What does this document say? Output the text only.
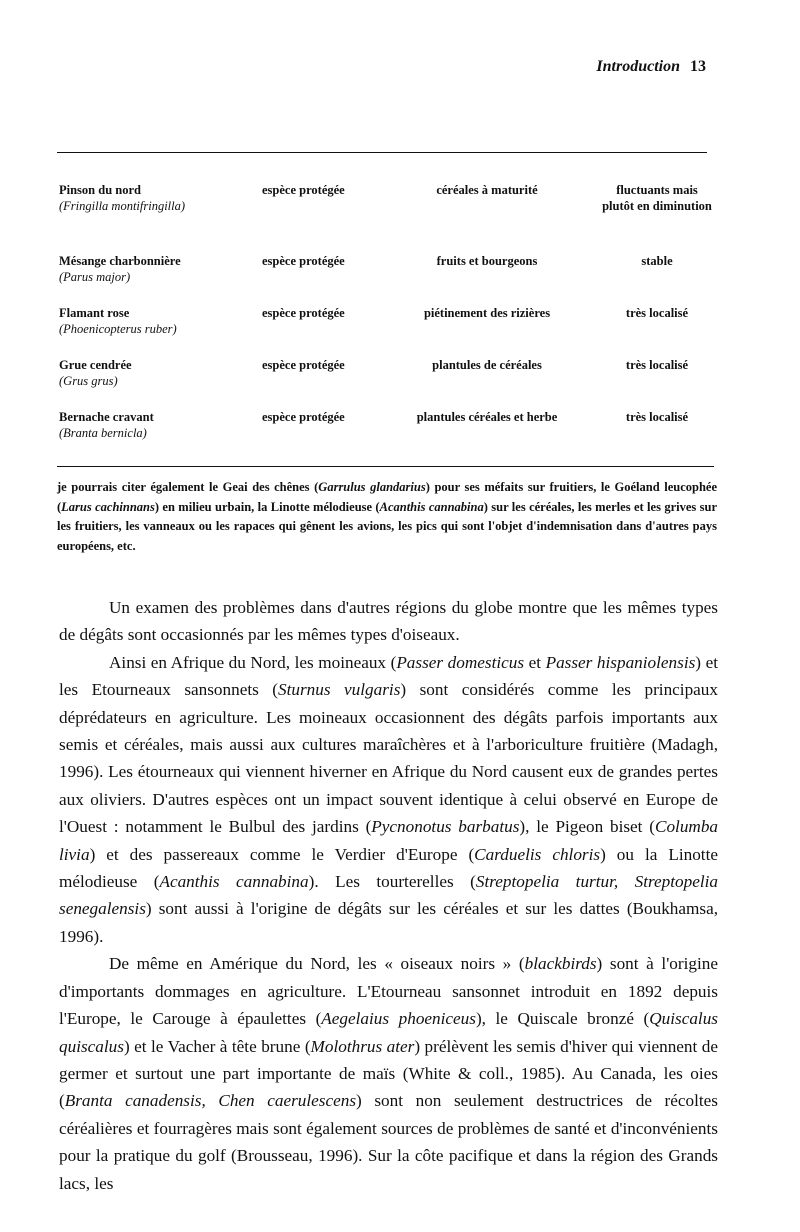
Introduction 13
Pinson du nord
(Fringilla montifringilla)
espèce protégée	céréales à maturité	fluctuants mais
plutôt en diminution
Mésange charbonnière
(Parus major)
espèce protégée	fruits et bourgeons	stable
Flamant rose
(Phoenicopterus ruber)
espèce protégée	piétinement des rizières	très localisé
Grue cendrée
(Grus grus)
espèce protégée	plantules de céréales	très localisé
Bernache cravant
(Branta bernicla)
espèce protégée	plantules céréales et herbe	très localisé
je pourrais citer également le Geai des chênes (Garrulus glandarius) pour ses méfaits sur fruitiers, le Goéland leucophée (Larus cachinnans) en milieu urbain, la Linotte mélodieuse (Acanthis cannabina) sur les céréales, les merles et les grives sur les fruitiers, les vanneaux ou les rapaces qui gênent les avions, les pics qui sont l'objet d'indemnisation dans d'autres pays européens, etc.

Un examen des problèmes dans d'autres régions du globe montre que les mêmes types de dégâts sont occasionnés par les mêmes types d'oiseaux.

Ainsi en Afrique du Nord, les moineaux (Passer domesticus et Passer hispaniolensis) et les Etourneaux sansonnets (Sturnus vulgaris) sont considérés comme les principaux déprédateurs en agriculture. Les moineaux occasionnent des dégâts parfois importants aux semis et céréales, mais aussi aux cultures maraîchères et à l'arboriculture fruitière (Madagh, 1996). Les étourneaux qui viennent hiverner en Afrique du Nord causent eux de grandes pertes aux oliviers. D'autres espèces ont un impact souvent identique à celui observé en Europe de l'Ouest : notamment le Bulbul des jardins (Pycnonotus barbatus), le Pigeon biset (Columba livia) et des passereaux comme le Verdier d'Europe (Carduelis chloris) ou la Linotte mélodieuse (Acanthis cannabina). Les tourterelles (Streptopelia turtur, Streptopelia senegalensis) sont aussi à l'origine de dégâts sur les céréales et sur les dattes (Boukhamsa, 1996).

De même en Amérique du Nord, les « oiseaux noirs » (blackbirds) sont à l'origine d'importants dommages en agriculture. L'Etourneau sansonnet introduit en 1892 depuis l'Europe, le Carouge à épaulettes (Aegelaius phoeniceus), le Quiscale bronzé (Quiscalus quiscalus) et le Vacher à tête brune (Molothrus ater) prélèvent les semis d'hiver qui viennent de germer et surtout une part importante de maïs (White & coll., 1985). Au Canada, les oies (Branta canadensis, Chen caerulescens) sont non seulement destructrices de récoltes céréalières et fourragères mais sont également sources de problèmes de santé et d'inconvénients pour la pratique du golf (Brousseau, 1996). Sur la côte pacifique et dans la région des Grands lacs, les
